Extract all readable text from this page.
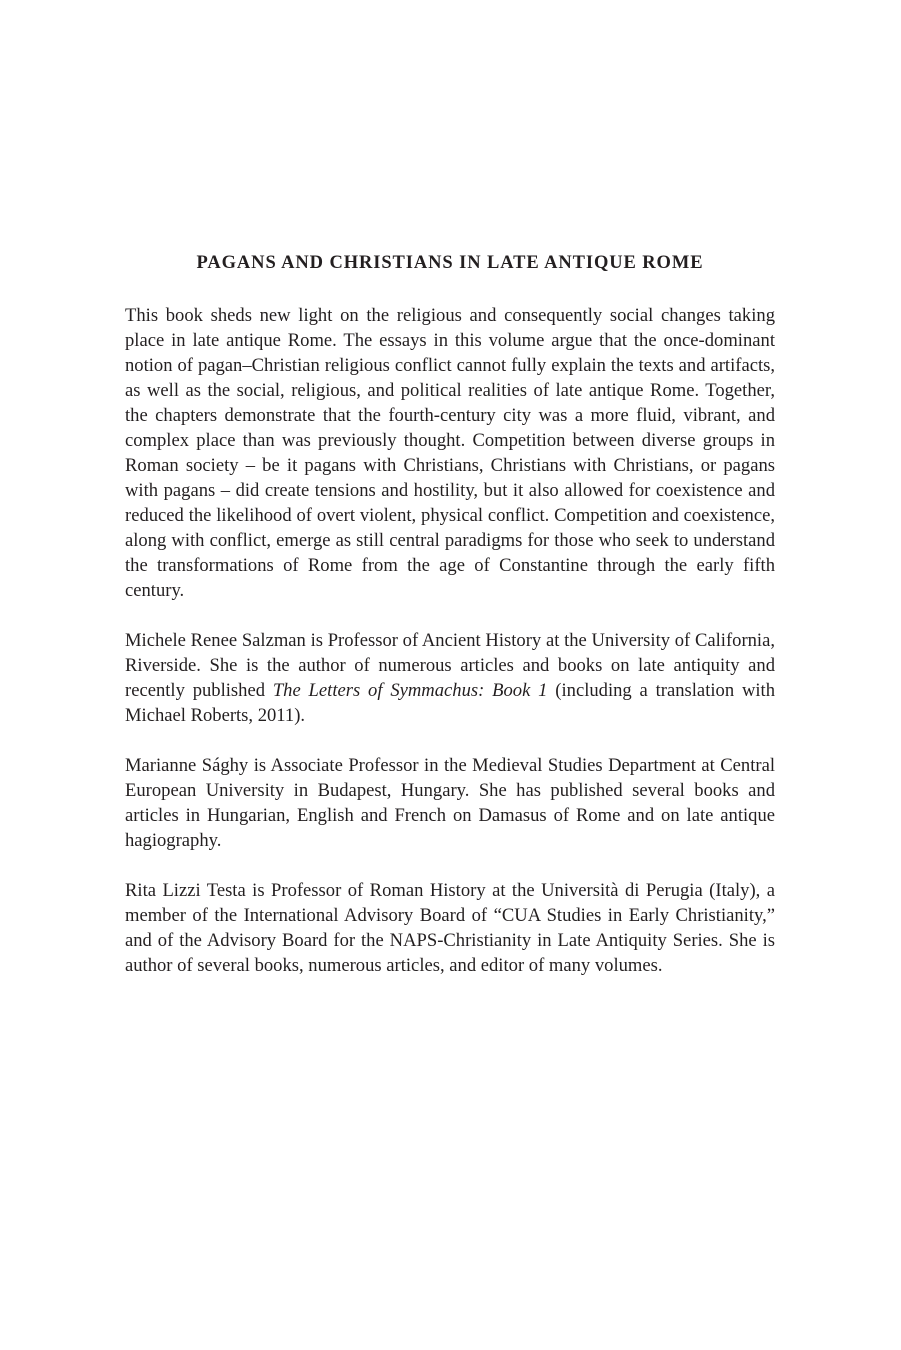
PAGANS AND CHRISTIANS IN LATE ANTIQUE ROME

This book sheds new light on the religious and consequently social changes taking place in late antique Rome. The essays in this volume argue that the once-dominant notion of pagan–Christian religious conflict cannot fully explain the texts and artifacts, as well as the social, religious, and political realities of late antique Rome. Together, the chapters demonstrate that the fourth-century city was a more fluid, vibrant, and complex place than was previously thought. Competition between diverse groups in Roman society – be it pagans with Christians, Christians with Christians, or pagans with pagans – did create tensions and hostility, but it also allowed for coexistence and reduced the likelihood of overt violent, physical conflict. Competition and coexistence, along with conflict, emerge as still central paradigms for those who seek to understand the transformations of Rome from the age of Constantine through the early fifth century.

Michele Renee Salzman is Professor of Ancient History at the University of California, Riverside. She is the author of numerous articles and books on late antiquity and recently published The Letters of Symmachus: Book 1 (including a translation with Michael Roberts, 2011).

Marianne Sághy is Associate Professor in the Medieval Studies Department at Central European University in Budapest, Hungary. She has published several books and articles in Hungarian, English and French on Damasus of Rome and on late antique hagiography.

Rita Lizzi Testa is Professor of Roman History at the Università di Perugia (Italy), a member of the International Advisory Board of “CUA Studies in Early Christianity,” and of the Advisory Board for the NAPS-Christianity in Late Antiquity Series. She is author of several books, numerous articles, and editor of many volumes.
